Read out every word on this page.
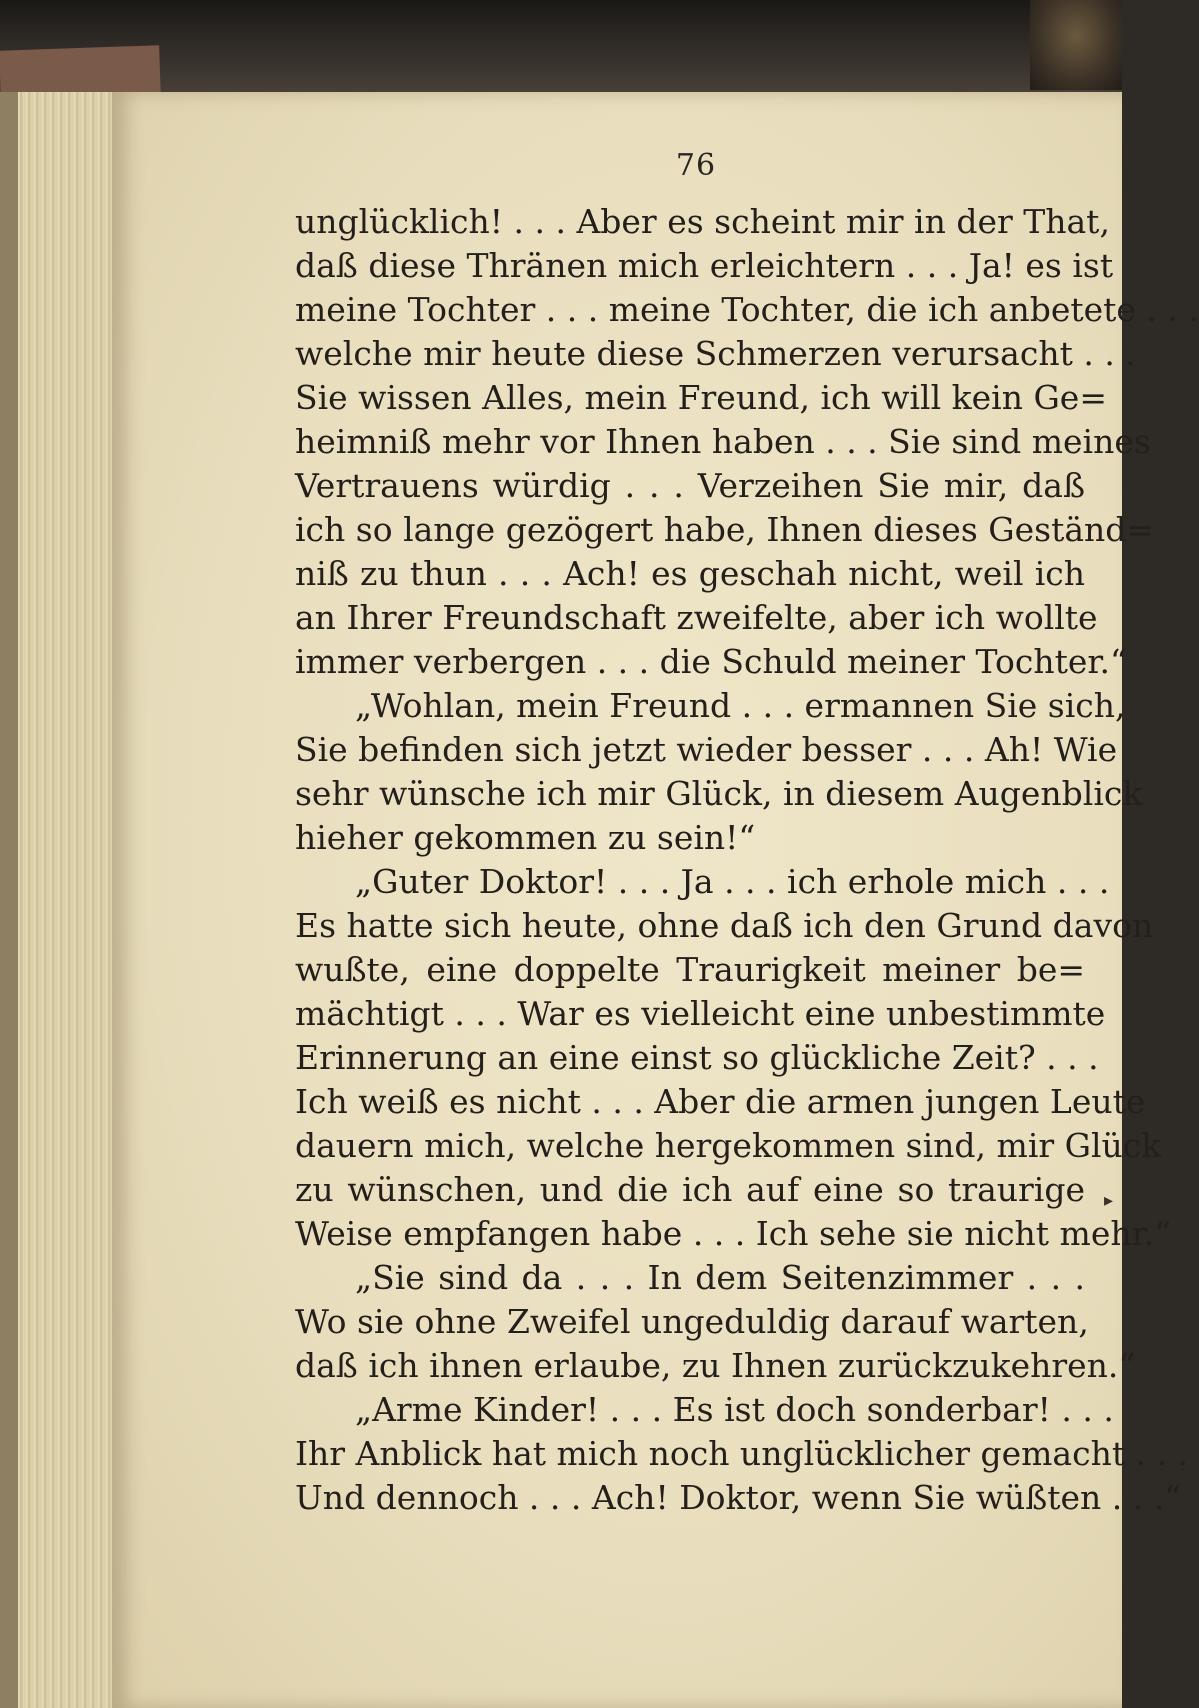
76
unglücklich! . . . Aber es scheint mir in der That,
daß diese Thränen mich erleichtern . . . Ja! es ist
meine Tochter . . . meine Tochter, die ich anbetete . . .
welche mir heute diese Schmerzen verursacht . . .
Sie wissen Alles, mein Freund, ich will kein Ge=
heimniß mehr vor Ihnen haben . . . Sie sind meines
Vertrauens würdig . . . Verzeihen Sie mir, daß
ich so lange gezögert habe, Ihnen dieses Geständ=
niß zu thun . . . Ach! es geschah nicht, weil ich
an Ihrer Freundschaft zweifelte, aber ich wollte
immer verbergen . . . die Schuld meiner Tochter.“
„Wohlan, mein Freund . . . ermannen Sie sich,
Sie befinden sich jetzt wieder besser . . . Ah! Wie
sehr wünsche ich mir Glück, in diesem Augenblick
hieher gekommen zu sein!“
„Guter Doktor! . . . Ja . . . ich erhole mich . . .
Es hatte sich heute, ohne daß ich den Grund davon
wußte, eine doppelte Traurigkeit meiner be=
mächtigt . . . War es vielleicht eine unbestimmte
Erinnerung an eine einst so glückliche Zeit? . . .
Ich weiß es nicht . . . Aber die armen jungen Leute
dauern mich, welche hergekommen sind, mir Glück
zu wünschen, und die ich auf eine so traurige
Weise empfangen habe . . . Ich sehe sie nicht mehr.“
„Sie sind da . . . In dem Seitenzimmer . . .
Wo sie ohne Zweifel ungeduldig darauf warten,
daß ich ihnen erlaube, zu Ihnen zurückzukehren.“
„Arme Kinder! . . . Es ist doch sonderbar! . . .
Ihr Anblick hat mich noch unglücklicher gemacht . . .
Und dennoch . . . Ach! Doktor, wenn Sie wüßten . . .“
▸
